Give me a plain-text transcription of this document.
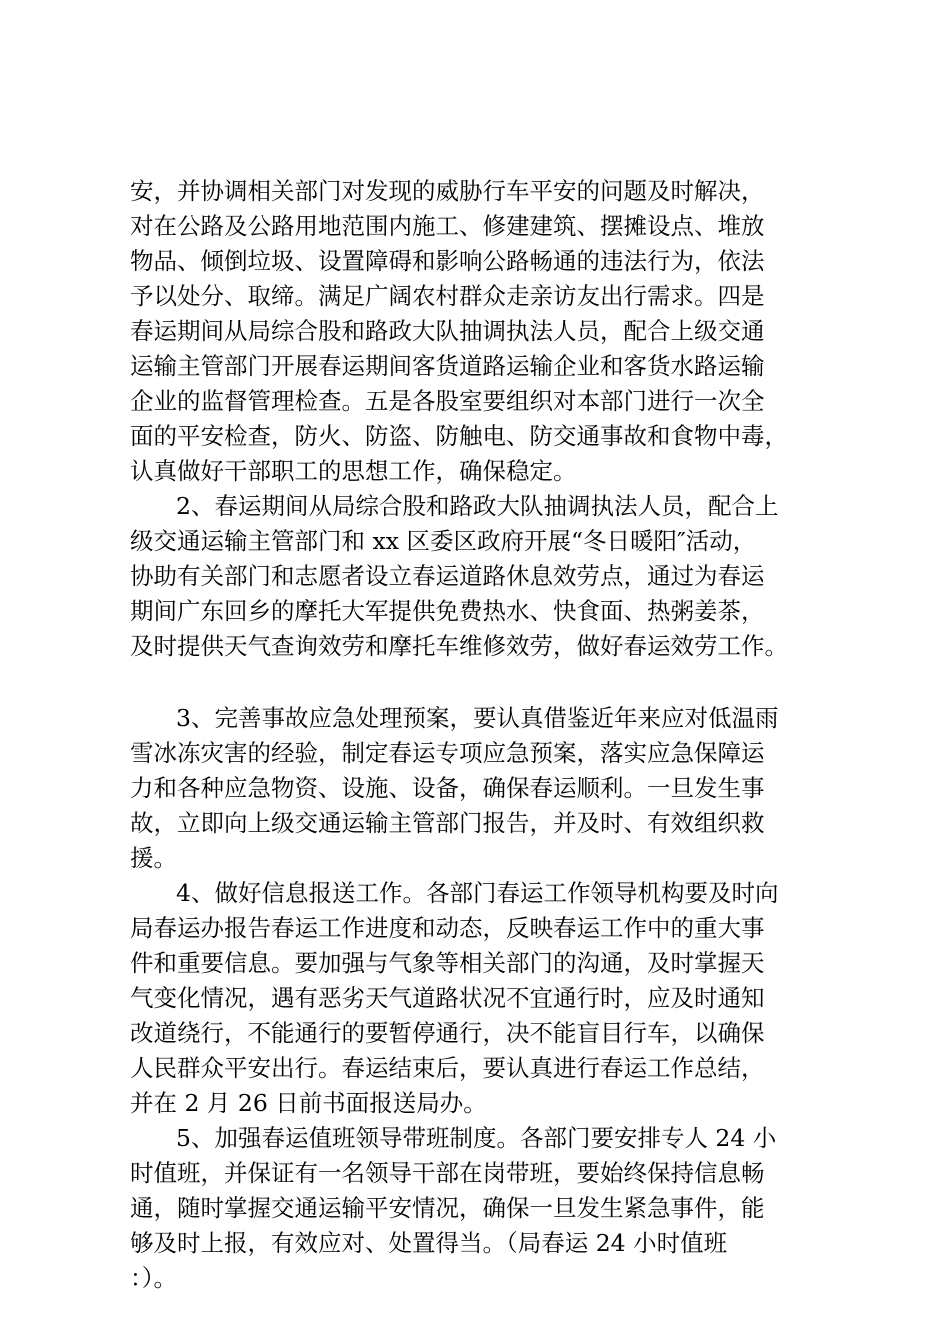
安，并协调相关部门对发现的威胁行车平安的问题及时解决，
对在公路及公路用地范围内施工、修建建筑、摆摊设点、堆放
物品、倾倒垃圾、设置障碍和影响公路畅通的违法行为，依法
予以处分、取缔。满足广阔农村群众走亲访友出行需求。四是
春运期间从局综合股和路政大队抽调执法人员，配合上级交通
运输主管部门开展春运期间客货道路运输企业和客货水路运输
企业的监督管理检查。五是各股室要组织对本部门进行一次全
面的平安检查，防火、防盗、防触电、防交通事故和食物中毒，
认真做好干部职工的思想工作，确保稳定。
2、春运期间从局综合股和路政大队抽调执法人员，配合上
级交通运输主管部门和 xx 区委区政府开展“冬日暖阳″活动，
协助有关部门和志愿者设立春运道路休息效劳点，通过为春运
期间广东回乡的摩托大军提供免费热水、快食面、热粥姜茶，
及时提供天气查询效劳和摩托车维修效劳，做好春运效劳工作。
3、完善事故应急处理预案，要认真借鉴近年来应对低温雨
雪冰冻灾害的经验，制定春运专项应急预案，落实应急保障运
力和各种应急物资、设施、设备，确保春运顺利。一旦发生事
故，立即向上级交通运输主管部门报告，并及时、有效组织救
援。
4、做好信息报送工作。各部门春运工作领导机构要及时向
局春运办报告春运工作进度和动态，反映春运工作中的重大事
件和重要信息。要加强与气象等相关部门的沟通，及时掌握天
气变化情况，遇有恶劣天气道路状况不宜通行时，应及时通知
改道绕行，不能通行的要暂停通行，决不能盲目行车，以确保
人民群众平安出行。春运结束后，要认真进行春运工作总结，
并在 2 月 26 日前书面报送局办。
5、加强春运值班领导带班制度。各部门要安排专人 24 小
时值班，并保证有一名领导干部在岗带班，要始终保持信息畅
通，随时掌握交通运输平安情况，确保一旦发生紧急事件，能
够及时上报，有效应对、处置得当。（局春运 24 小时值班
：）。
